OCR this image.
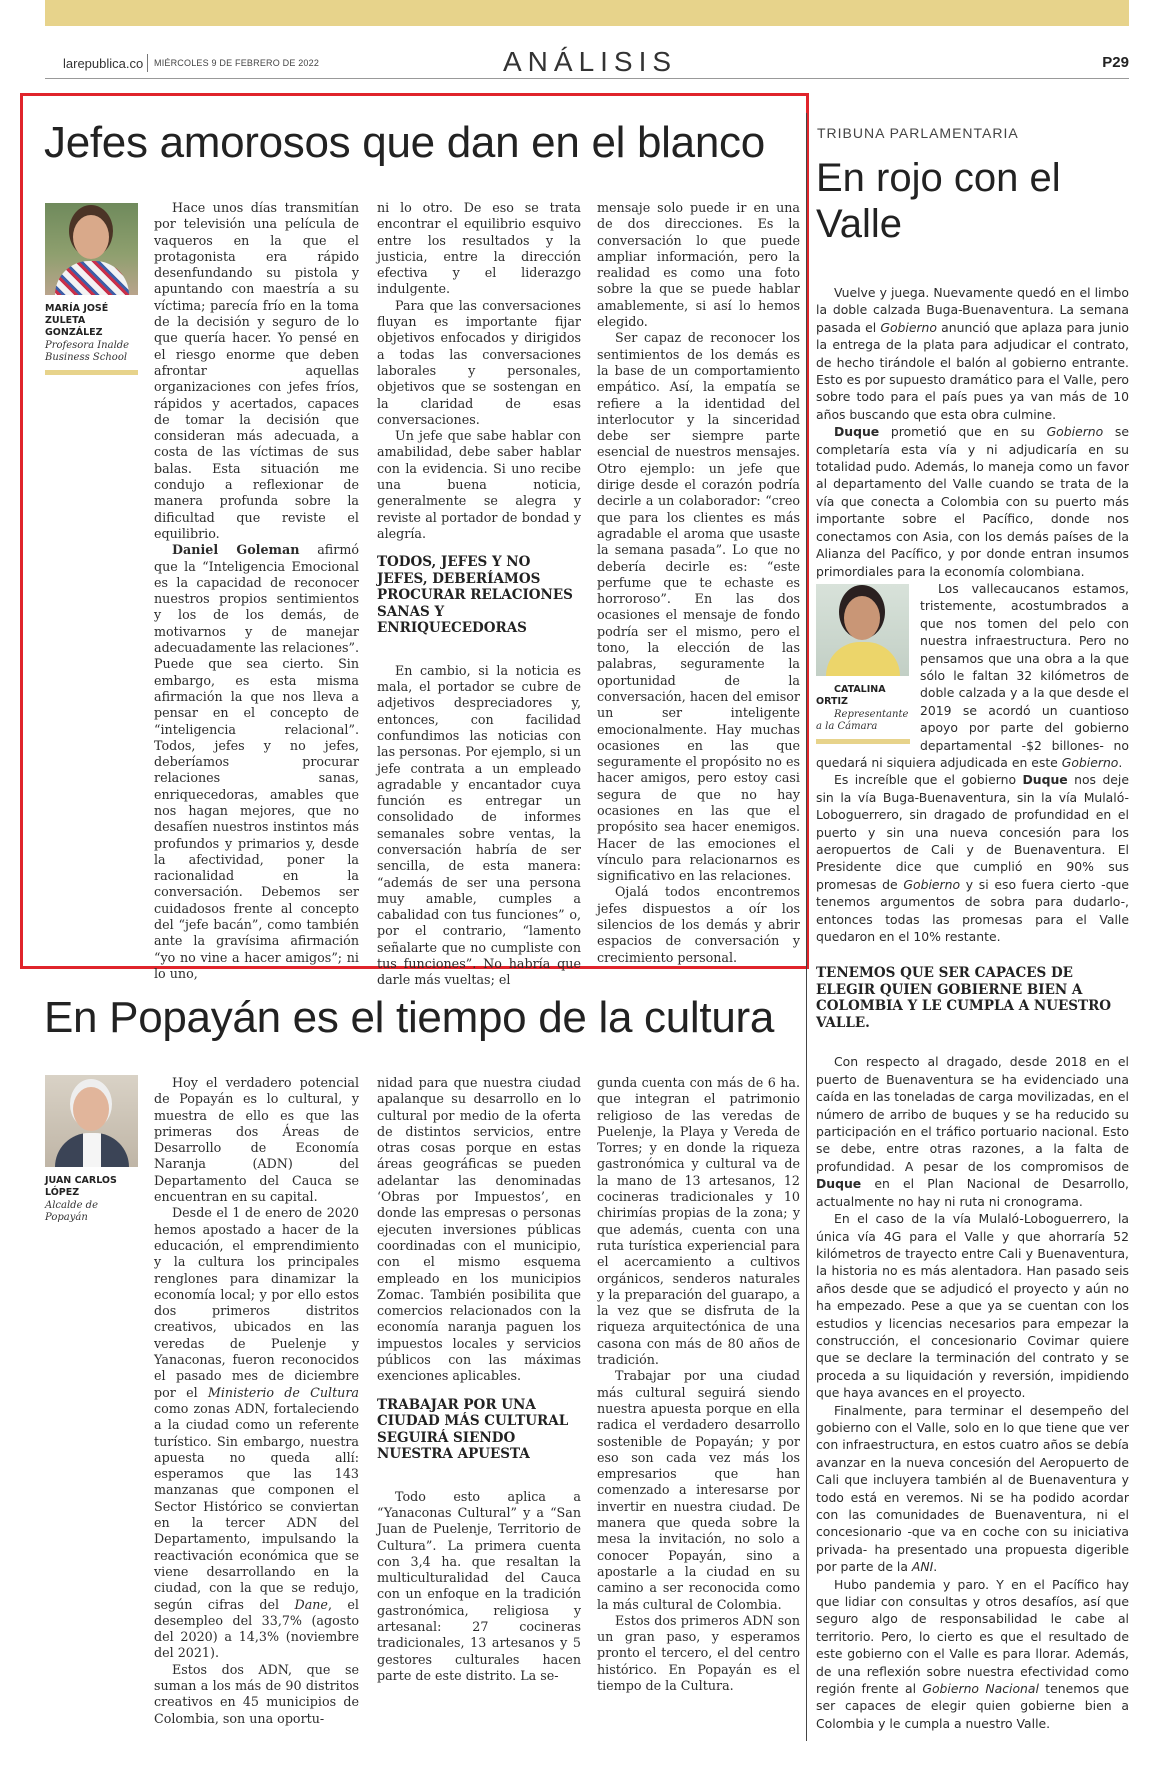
larepublica.co MIÉRCOLES 9 DE FEBRERO DE 2022	ANÁLISIS	P29
Jefes amorosos que dan en el blanco
MARÍA JOSÉ ZULETA GONZÁLEZ
Profesora Inalde Business School

Hace unos días transmitían por televisión una película de vaqueros en la que el protagonista era rápido desenfundando su pistola y apuntando con maestría a su víctima; parecía frío en la toma de la decisión y seguro de lo que quería hacer. Yo pensé en el riesgo enorme que deben afrontar aquellas organizaciones con jefes fríos, rápidos y acertados, capaces de tomar la decisión que consideran más adecuada, a costa de las víctimas de sus balas. Esta situación me condujo a reflexionar de manera profunda sobre la dificultad que reviste el equilibrio.

Daniel Goleman afirmó que la “Inteligencia Emocional es la capacidad de reconocer nuestros propios sentimientos y los de los demás, de motivarnos y de manejar adecuadamente las relaciones”. Puede que sea cierto. Sin embargo, es esta misma afirmación la que nos lleva a pensar en el concepto de “inteligencia relacional”. Todos, jefes y no jefes, deberíamos procurar relaciones sanas, enriquecedoras, amables que nos hagan mejores, que no desafíen nuestros instintos más profundos y primarios y, desde la afectividad, poner la racionalidad en la conversación. Debemos ser cuidadosos frente al concepto del “jefe bacán”, como también ante la gravísima afirmación “yo no vine a hacer amigos”; ni lo uno,

ni lo otro. De eso se trata encontrar el equilibrio esquivo entre los resultados y la justicia, entre la dirección efectiva y el liderazgo indulgente.

Para que las conversaciones fluyan es importante fijar objetivos enfocados y dirigidos a todas las conversaciones laborales y personales, objetivos que se sostengan en la claridad de esas conversaciones.

Un jefe que sabe hablar con amabilidad, debe saber hablar con la evidencia. Si uno recibe una buena noticia, generalmente se alegra y reviste al portador de bondad y alegría.

TODOS, JEFES Y NO JEFES, DEBERÍAMOS PROCURAR RELACIONES SANAS Y ENRIQUECEDORAS

En cambio, si la noticia es mala, el portador se cubre de adjetivos despreciadores y, entonces, con facilidad confundimos las noticias con las personas. Por ejemplo, si un jefe contrata a un empleado agradable y encantador cuya función es entregar un consolidado de informes semanales sobre ventas, la conversación habría de ser sencilla, de esta manera: “además de ser una persona muy amable, cumples a cabalidad con tus funciones” o, por el contrario, “lamento señalarte que no cumpliste con tus funciones”. No habría que darle más vueltas; el

mensaje solo puede ir en una de dos direcciones. Es la conversación lo que puede ampliar información, pero la realidad es como una foto sobre la que se puede hablar amablemente, si así lo hemos elegido.

Ser capaz de reconocer los sentimientos de los demás es la base de un comportamiento empático. Así, la empatía se refiere a la identidad del interlocutor y la sinceridad debe ser siempre parte esencial de nuestros mensajes. Otro ejemplo: un jefe que dirige desde el corazón podría decirle a un colaborador: “creo que para los clientes es más agradable el aroma que usaste la semana pasada”. Lo que no debería decirle es: “este perfume que te echaste es horroroso”. En las dos ocasiones el mensaje de fondo podría ser el mismo, pero el tono, la elección de las palabras, seguramente la oportunidad de la conversación, hacen del emisor un ser inteligente emocionalmente. Hay muchas ocasiones en las que seguramente el propósito no es hacer amigos, pero estoy casi segura de que no hay ocasiones en las que el propósito sea hacer enemigos. Hacer de las emociones el vínculo para relacionarnos es significativo en las relaciones.

Ojalá todos encontremos jefes dispuestos a oír los silencios de los demás y abrir espacios de conversación y crecimiento personal.

En Popayán es el tiempo de la cultura
JUAN CARLOS LÓPEZ
Alcalde de Popayán

Hoy el verdadero potencial de Popayán es lo cultural, y muestra de ello es que las primeras dos Áreas de Desarrollo de Economía Naranja (ADN) del Departamento del Cauca se encuentran en su capital.

Desde el 1 de enero de 2020 hemos apostado a hacer de la educación, el emprendimiento y la cultura los principales renglones para dinamizar la economía local; y por ello estos dos primeros distritos creativos, ubicados en las veredas de Puelenje y Yanaconas, fueron reconocidos el pasado mes de diciembre por el Ministerio de Cultura como zonas ADN, fortaleciendo a la ciudad como un referente turístico. Sin embargo, nuestra apuesta no queda allí: esperamos que las 143 manzanas que componen el Sector Histórico se conviertan en la tercer ADN del Departamento, impulsando la reactivación económica que se viene desarrollando en la ciudad, con la que se redujo, según cifras del Dane, el desempleo del 33,7% (agosto del 2020) a 14,3% (noviembre del 2021).

Estos dos ADN, que se suman a los más de 90 distritos creativos en 45 municipios de Colombia, son una oportu-

nidad para que nuestra ciudad apalanque su desarrollo en lo cultural por medio de la oferta de distintos servicios, entre otras cosas porque en estas áreas geográficas se pueden adelantar las denominadas ‘Obras por Impuestos’, en donde las empresas o personas ejecuten inversiones públicas coordinadas con el municipio, con el mismo esquema empleado en los municipios Zomac. También posibilita que comercios relacionados con la economía naranja paguen los impuestos locales y servicios públicos con las máximas exenciones aplicables.

TRABAJAR POR UNA CIUDAD MÁS CULTURAL SEGUIRÁ SIENDO NUESTRA APUESTA

Todo esto aplica a “Yanaconas Cultural” y a “San Juan de Puelenje, Territorio de Cultura”. La primera cuenta con 3,4 ha. que resaltan la multiculturalidad del Cauca con un enfoque en la tradición gastronómica, religiosa y artesanal: 27 cocineras tradicionales, 13 artesanos y 5 gestores culturales hacen parte de este distrito. La se-

gunda cuenta con más de 6 ha. que integran el patrimonio religioso de las veredas de Puelenje, la Playa y Vereda de Torres; y en donde la riqueza gastronómica y cultural va de la mano de 13 artesanos, 12 cocineras tradicionales y 10 chirimías propias de la zona; y que además, cuenta con una ruta turística experiencial para el acercamiento a cultivos orgánicos, senderos naturales y la preparación del guarapo, a la vez que se disfruta de la riqueza arquitectónica de una casona con más de 80 años de tradición.

Trabajar por una ciudad más cultural seguirá siendo nuestra apuesta porque en ella radica el verdadero desarrollo sostenible de Popayán; y por eso son cada vez más los empresarios que han comenzado a interesarse por invertir en nuestra ciudad. De manera que queda sobre la mesa la invitación, no solo a conocer Popayán, sino a apostarle a la ciudad en su camino a ser reconocida como la más cultural de Colombia.

Estos dos primeros ADN son un gran paso, y esperamos pronto el tercero, el del centro histórico. En Popayán es el tiempo de la Cultura.

TRIBUNA PARLAMENTARIA
En rojo con el Valle

Vuelve y juega. Nuevamente quedó en el limbo la doble calzada Buga-Buenaventura. La semana pasada el Gobierno anunció que aplaza para junio la entrega de la plata para adjudicar el contrato, de hecho tirándole el balón al gobierno entrante. Esto es por supuesto dramático para el Valle, pero sobre todo para el país pues ya van más de 10 años buscando que esta obra culmine.

Duque prometió que en su Gobierno se completaría esta vía y ni adjudicaría en su totalidad pudo. Además, lo maneja como un favor al departamento del Valle cuando se trata de la vía que conecta a Colombia con su puerto más importante sobre el Pacífico, donde nos conectamos con Asia, con los demás países de la Alianza del Pacífico, y por donde entran insumos primordiales para la economía colombiana.

CATALINA ORTIZ
Representante a la Cámara
Los vallecaucanos estamos, tristemente, acostumbrados a que nos tomen del pelo con nuestra infraestructura. Pero no pensamos que una obra a la que sólo le faltan 32 kilómetros de doble calzada y a la que desde el 2019 se acordó un cuantioso apoyo por parte del gobierno departamental -$2 billones- no quedará ni siquiera adjudicada en este Gobierno.

Es increíble que el gobierno Duque nos deje sin la vía Buga-Buenaventura, sin la vía Mulaló-Loboguerrero, sin dragado de profundidad en el puerto y sin una nueva concesión para los aeropuertos de Cali y de Buenaventura. El Presidente dice que cumplió en 90% sus promesas de Gobierno y si eso fuera cierto -que tenemos argumentos de sobra para dudarlo-, entonces todas las promesas para el Valle quedaron en el 10% restante.

TENEMOS QUE SER CAPACES DE ELEGIR QUIEN GOBIERNE BIEN A COLOMBIA Y LE CUMPLA A NUESTRO VALLE.

Con respecto al dragado, desde 2018 en el puerto de Buenaventura se ha evidenciado una caída en las toneladas de carga movilizadas, en el número de arribo de buques y se ha reducido su participación en el tráfico portuario nacional. Esto se debe, entre otras razones, a la falta de profundidad. A pesar de los compromisos de Duque en el Plan Nacional de Desarrollo, actualmente no hay ni ruta ni cronograma.

En el caso de la vía Mulaló-Loboguerrero, la única vía 4G para el Valle y que ahorraría 52 kilómetros de trayecto entre Cali y Buenaventura, la historia no es más alentadora. Han pasado seis años desde que se adjudicó el proyecto y aún no ha empezado. Pese a que ya se cuentan con los estudios y licencias necesarios para empezar la construcción, el concesionario Covimar quiere que se declare la terminación del contrato y se proceda a su liquidación y reversión, impidiendo que haya avances en el proyecto.

Finalmente, para terminar el desempeño del gobierno con el Valle, solo en lo que tiene que ver con infraestructura, en estos cuatro años se debía avanzar en la nueva concesión del Aeropuerto de Cali que incluyera también al de Buenaventura y todo está en veremos. Ni se ha podido acordar con las comunidades de Buenaventura, ni el concesionario -que va en coche con su iniciativa privada- ha presentado una propuesta digerible por parte de la ANI.

Hubo pandemia y paro. Y en el Pacífico hay que lidiar con consultas y otros desafíos, así que seguro algo de responsabilidad le cabe al territorio. Pero, lo cierto es que el resultado de este gobierno con el Valle es para llorar. Además, de una reflexión sobre nuestra efectividad como región frente al Gobierno Nacional tenemos que ser capaces de elegir quien gobierne bien a Colombia y le cumpla a nuestro Valle.
